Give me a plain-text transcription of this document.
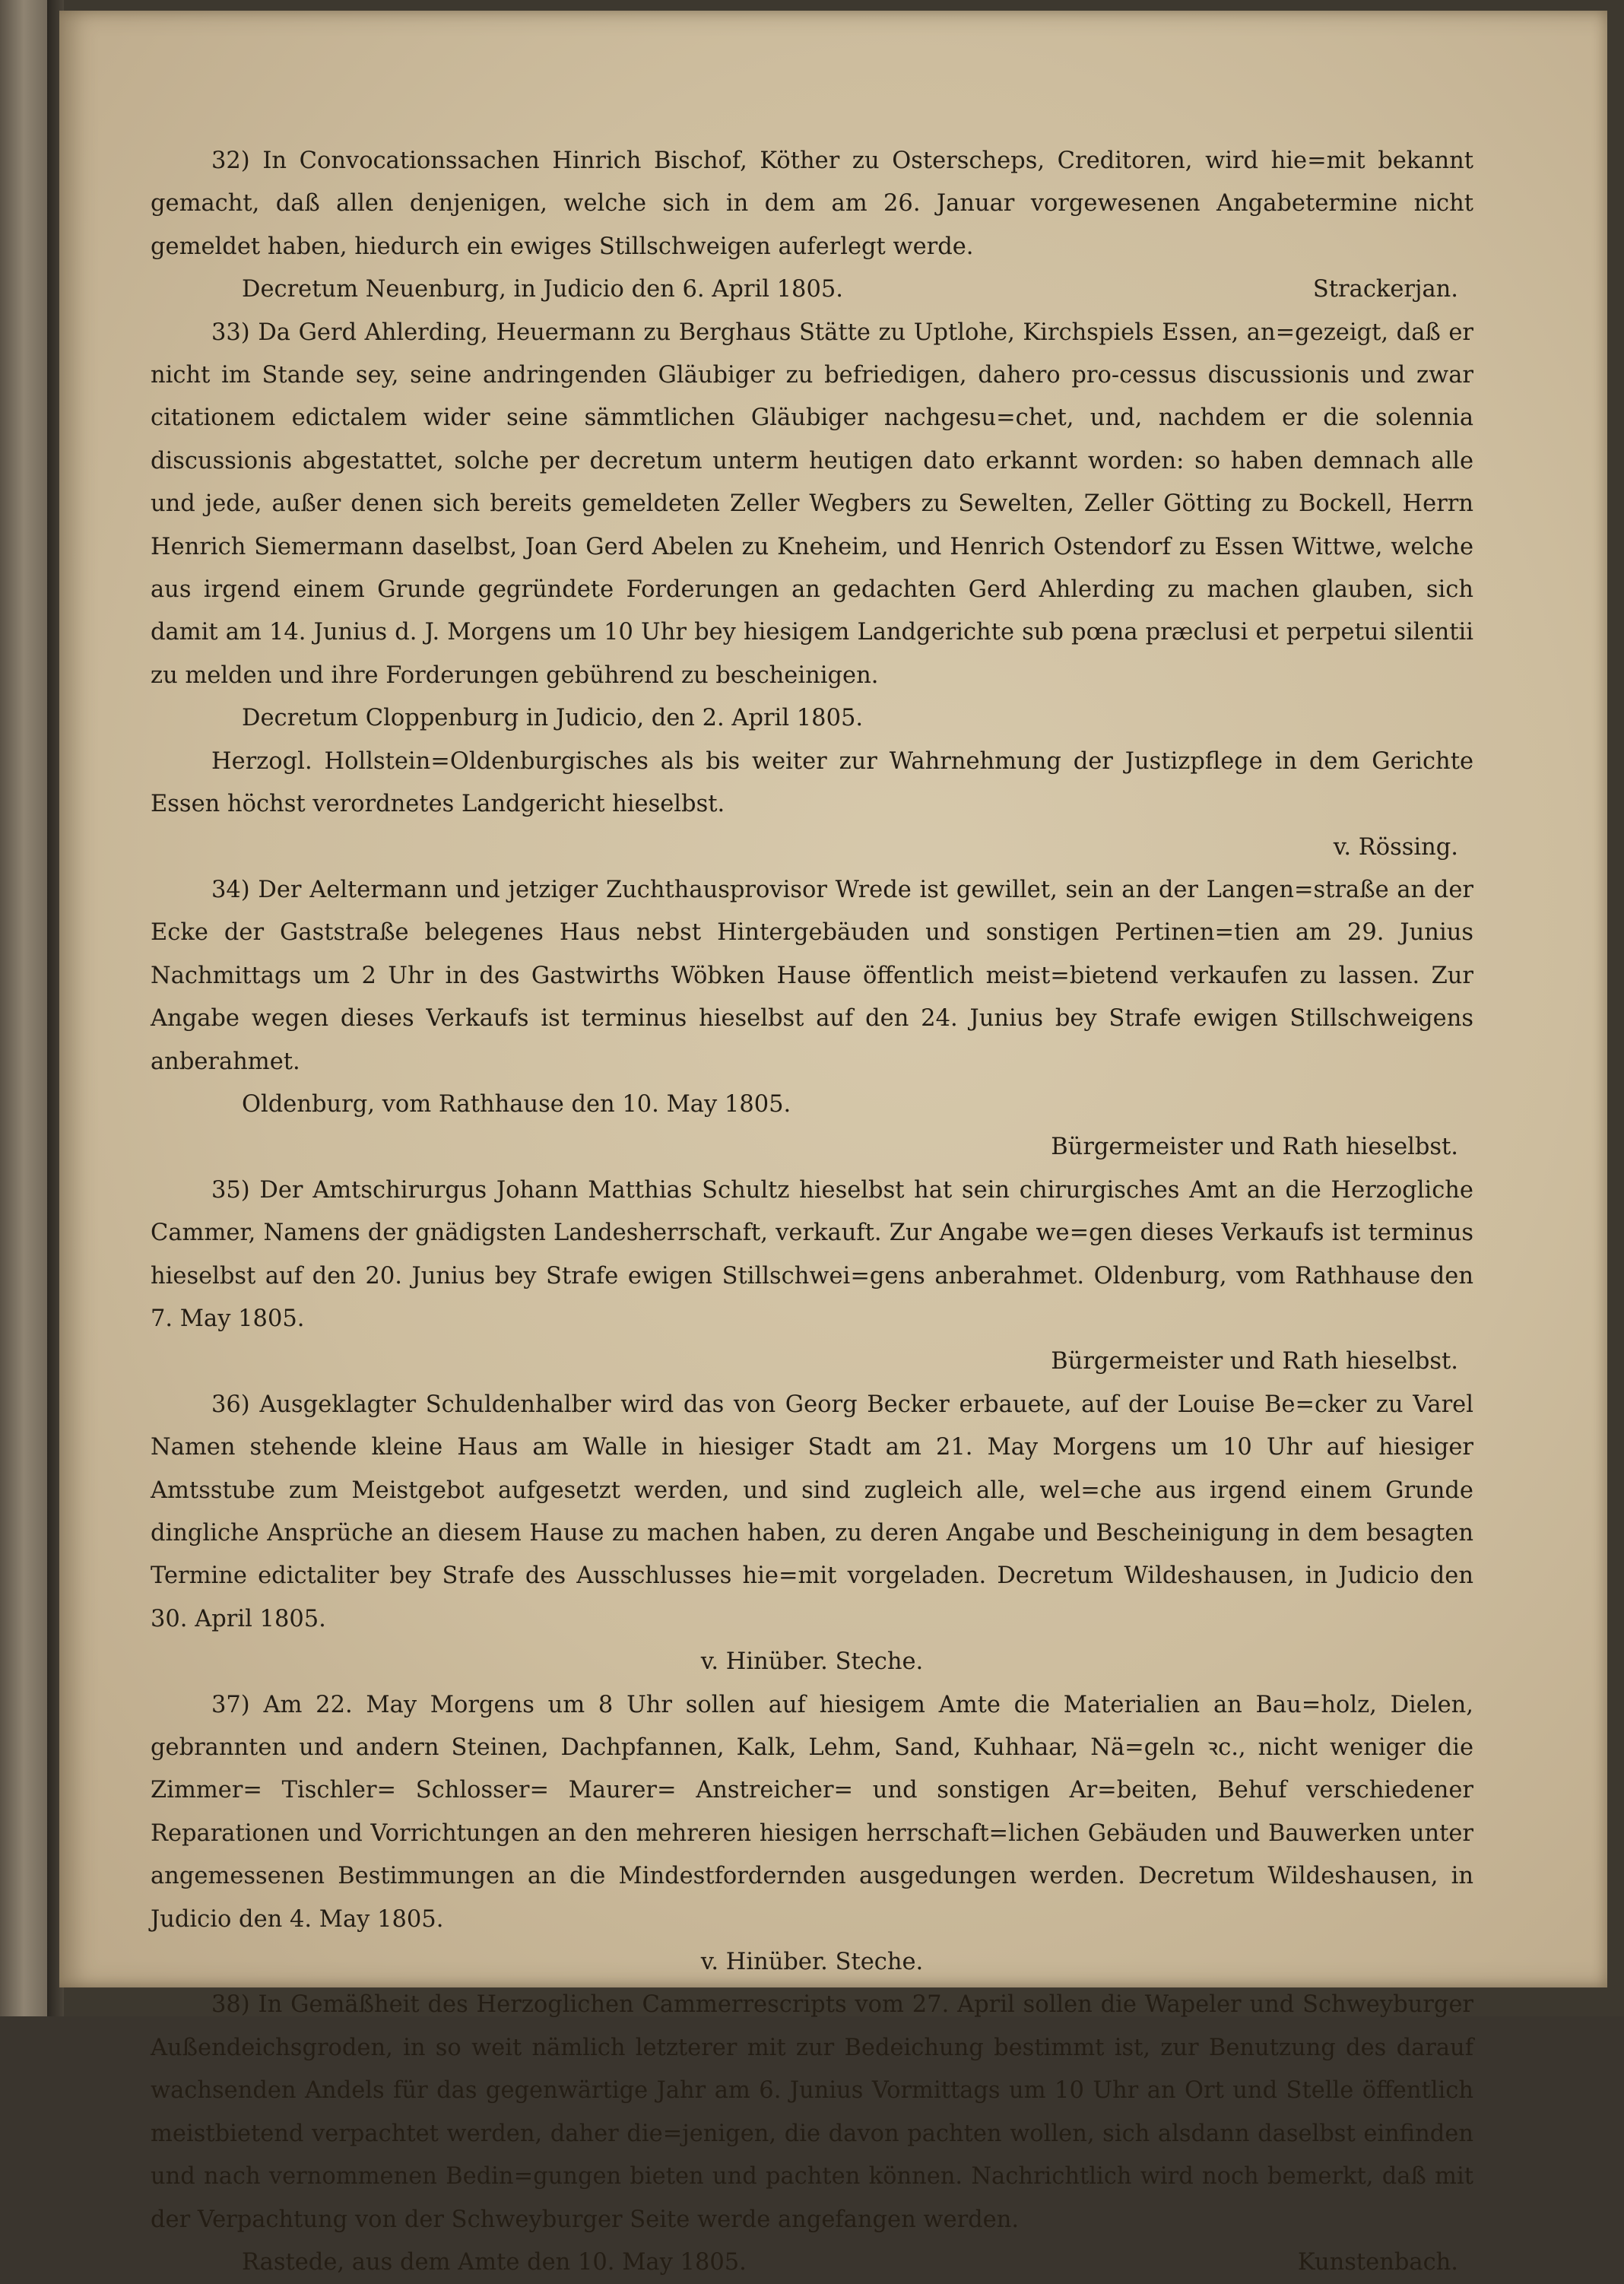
32) In Convocationssachen Hinrich Bischof, Köther zu Osterscheps, Creditoren, wird hie=mit bekannt gemacht, daß allen denjenigen, welche sich in dem am 26. Januar vorgewesenen Angabetermine nicht gemeldet haben, hiedurch ein ewiges Stillschweigen auferlegt werde.

Decretum Neuenburg, in Judicio den 6. April 1805.	Strackerjan.

33) Da Gerd Ahlerding, Heuermann zu Berghaus Stätte zu Uptlohe, Kirchspiels Essen, an=gezeigt, daß er nicht im Stande sey, seine andringenden Gläubiger zu befriedigen, dahero pro-cessus discussionis und zwar citationem edictalem wider seine sämmtlichen Gläubiger nachgesu=chet, und, nachdem er die solennia discussionis abgestattet, solche per decretum unterm heutigen dato erkannt worden: so haben demnach alle und jede, außer denen sich bereits gemeldeten Zeller Wegbers zu Sewelten, Zeller Götting zu Bockell, Herrn Henrich Siemermann daselbst, Joan Gerd Abelen zu Kneheim, und Henrich Ostendorf zu Essen Wittwe, welche aus irgend einem Grunde gegründete Forderungen an gedachten Gerd Ahlerding zu machen glauben, sich damit am 14. Junius d. J. Morgens um 10 Uhr bey hiesigem Landgerichte sub pœna præclusi et perpetui silentii zu melden und ihre Forderungen gebührend zu bescheinigen.

Decretum Cloppenburg in Judicio, den 2. April 1805.

Herzogl. Hollstein=Oldenburgisches als bis weiter zur Wahrnehmung der Justizpflege in dem Gerichte Essen höchst verordnetes Landgericht hieselbst.

v. Rössing.

34) Der Aeltermann und jetziger Zuchthausprovisor Wrede ist gewillet, sein an der Langen=straße an der Ecke der Gaststraße belegenes Haus nebst Hintergebäuden und sonstigen Pertinen=tien am 29. Junius Nachmittags um 2 Uhr in des Gastwirths Wöbken Hause öffentlich meist=bietend verkaufen zu lassen. Zur Angabe wegen dieses Verkaufs ist terminus hieselbst auf den 24. Junius bey Strafe ewigen Stillschweigens anberahmet.

Oldenburg, vom Rathhause den 10. May 1805.

Bürgermeister und Rath hieselbst.

35) Der Amtschirurgus Johann Matthias Schultz hieselbst hat sein chirurgisches Amt an die Herzogliche Cammer, Namens der gnädigsten Landesherrschaft, verkauft. Zur Angabe we=gen dieses Verkaufs ist terminus hieselbst auf den 20. Junius bey Strafe ewigen Stillschwei=gens anberahmet. Oldenburg, vom Rathhause den 7. May 1805.

Bürgermeister und Rath hieselbst.

36) Ausgeklagter Schuldenhalber wird das von Georg Becker erbauete, auf der Louise Be=cker zu Varel Namen stehende kleine Haus am Walle in hiesiger Stadt am 21. May Morgens um 10 Uhr auf hiesiger Amtsstube zum Meistgebot aufgesetzt werden, und sind zugleich alle, wel=che aus irgend einem Grunde dingliche Ansprüche an diesem Hause zu machen haben, zu deren Angabe und Bescheinigung in dem besagten Termine edictaliter bey Strafe des Ausschlusses hie=mit vorgeladen. Decretum Wildeshausen, in Judicio den 30. April 1805.

v. Hinüber. Steche.

37) Am 22. May Morgens um 8 Uhr sollen auf hiesigem Amte die Materialien an Bau=holz, Dielen, gebrannten und andern Steinen, Dachpfannen, Kalk, Lehm, Sand, Kuhhaar, Nä=geln ꝛc., nicht weniger die Zimmer= Tischler= Schlosser= Maurer= Anstreicher= und sonstigen Ar=beiten, Behuf verschiedener Reparationen und Vorrichtungen an den mehreren hiesigen herrschaft=lichen Gebäuden und Bauwerken unter angemessenen Bestimmungen an die Mindestfordernden ausgedungen werden. Decretum Wildeshausen, in Judicio den 4. May 1805.

v. Hinüber. Steche.

38) In Gemäßheit des Herzoglichen Cammerrescripts vom 27. April sollen die Wapeler und Schweyburger Außendeichsgroden, in so weit nämlich letzterer mit zur Bedeichung bestimmt ist, zur Benutzung des darauf wachsenden Andels für das gegenwärtige Jahr am 6. Junius Vormittags um 10 Uhr an Ort und Stelle öffentlich meistbietend verpachtet werden, daher die=jenigen, die davon pachten wollen, sich alsdann daselbst einfinden und nach vernommenen Bedin=gungen bieten und pachten können. Nachrichtlich wird noch bemerkt, daß mit der Verpachtung von der Schweyburger Seite werde angefangen werden.

Rastede, aus dem Amte den 10. May 1805.	Kunstenbach.
